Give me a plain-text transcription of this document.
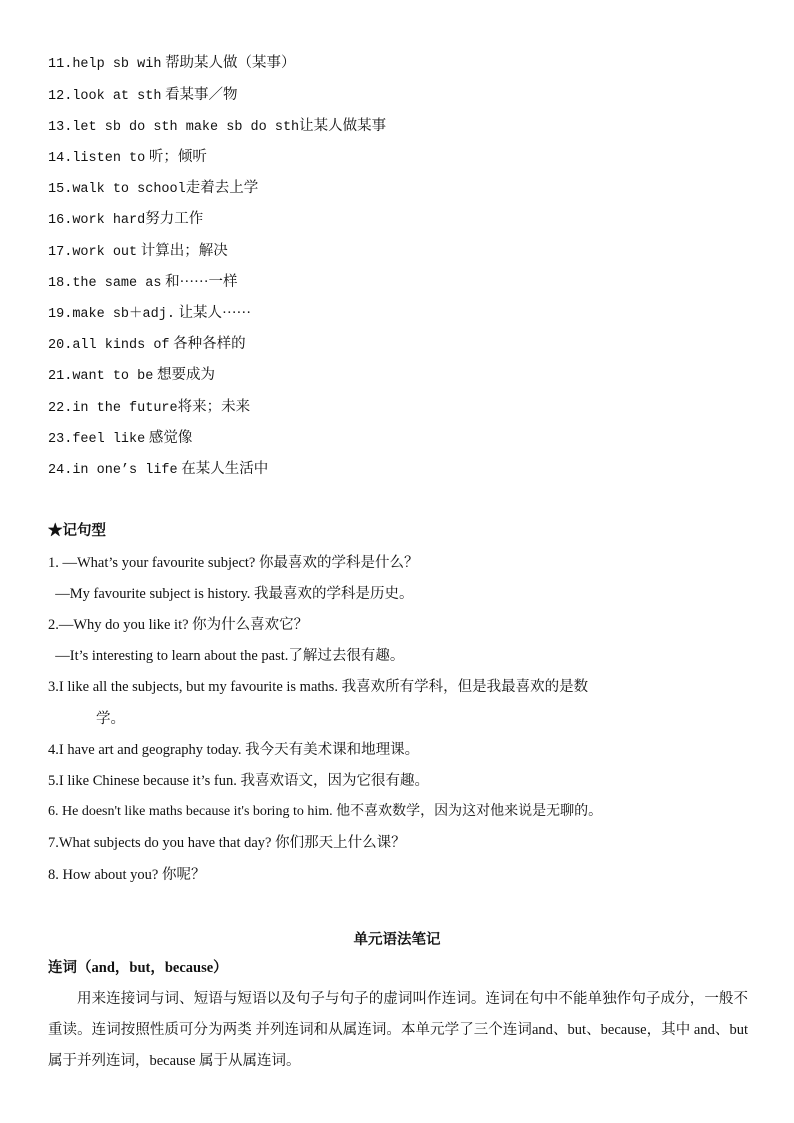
11.help sb wih 帮助某人做（某事）
12.look at sth 看某事／物
13.let sb do sth make sb do sth让某人做某事
14.listen to 听；倾听
15.walk to school走着去上学
16.work hard努力工作
17.work out 计算出；解决
18.the same as 和······一样
19.make sb＋adj. 让某人······
20.all kinds of 各种各样的
21.want to be 想要成为
22.in the future将来；未来
23.feel like 感觉像
24.in one’s life 在某人生活中
★记句型
1. —What’s your favourite subject? 你最喜欢的学科是什么？
—My favourite subject is history. 我最喜欢的学科是历史。
2.—Why do you like it? 你为什么喜欢它？
—It’s interesting to learn about the past.了解过去很有趣。
3.I like all the subjects, but my favourite is maths. 我喜欢所有学科，但是我最喜欢的是数
学。
4.I have art and geography today. 我今天有美术课和地理课。
5.I like Chinese because it’s fun. 我喜欢语文，因为它很有趣。
6. He doesn't like maths because it's boring to him. 他不喜欢数学，因为这对他来说是无聊的。
7.What subjects do you have that day? 你们那天上什么课？
8. How about you? 你呢？
单元语法笔记
连词（and，but，because）
用来连接词与词、短语与短语以及句子与句子的虚词叫作连词。连词在句中不能单独作句子成分，一般不重读。连词按照性质可分为两类 并列连词和从属连词。本单元学了三个连词and、but、because，其中 and、but 属于并列连词，because 属于从属连词。
